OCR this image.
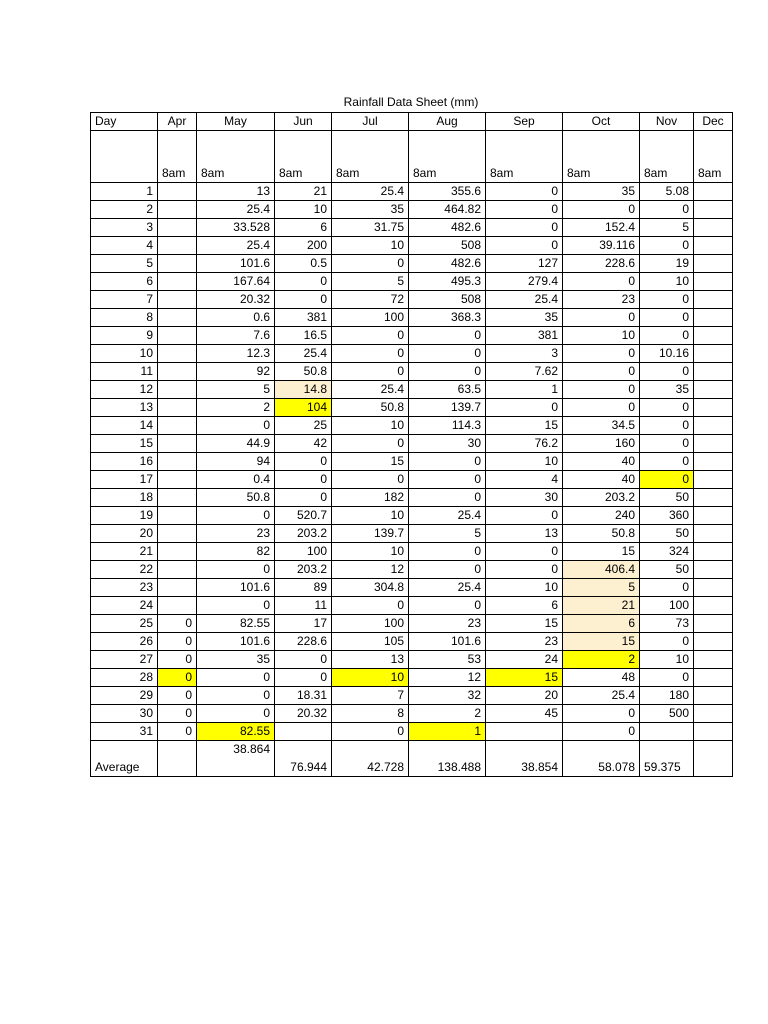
Rainfall Data Sheet (mm)
Day	Apr	May	Jun	Jul	Aug	Sep	Oct	Nov	Dec
	8am	8am	8am	8am	8am	8am	8am	8am	8am
1		13	21	25.4	355.6	0	35	5.08	
2		25.4	10	35	464.82	0	0	0	
3		33.528	6	31.75	482.6	0	152.4	5	
4		25.4	200	10	508	0	39.116	0	
5		101.6	0.5	0	482.6	127	228.6	19	
6		167.64	0	5	495.3	279.4	0	10	
7		20.32	0	72	508	25.4	23	0	
8		0.6	381	100	368.3	35	0	0	
9		7.6	16.5	0	0	381	10	0	
10		12.3	25.4	0	0	3	0	10.16	
11		92	50.8	0	0	7.62	0	0	
12		5	14.8	25.4	63.5	1	0	35	
13		2	104	50.8	139.7	0	0	0	
14		0	25	10	114.3	15	34.5	0	
15		44.9	42	0	30	76.2	160	0	
16		94	0	15	0	10	40	0	
17		0.4	0	0	0	4	40	0	
18		50.8	0	182	0	30	203.2	50	
19		0	520.7	10	25.4	0	240	360	
20		23	203.2	139.7	5	13	50.8	50	
21		82	100	10	0	0	15	324	
22		0	203.2	12	0	0	406.4	50	
23		101.6	89	304.8	25.4	10	5	0	
24		0	11	0	0	6	21	100	
25	0	82.55	17	100	23	15	6	73	
26	0	101.6	228.6	105	101.6	23	15	0	
27	0	35	0	13	53	24	2	10	
28	0	0	0	10	12	15	48	0	
29	0	0	18.31	7	32	20	25.4	180	
30	0	0	20.32	8	2	45	0	500	
31	0	82.55		0	1		0		
Average		38.864	76.944	42.728	138.488	38.854	58.078	59.375	
